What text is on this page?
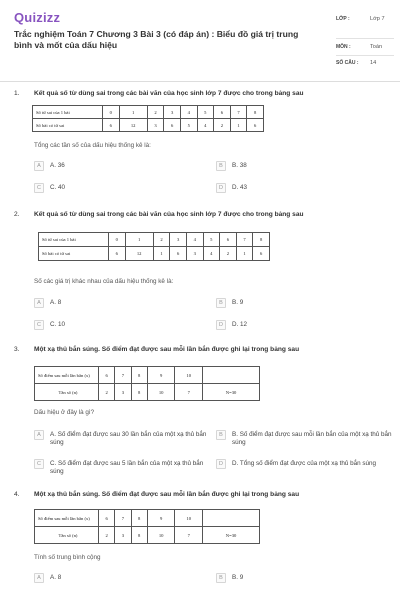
Quizizz
Trắc nghiệm Toán 7 Chương 3 Bài 3 (có đáp án) : Biểu đồ giá trị trung bình và mốt của dấu hiệu
LỚP :	Lớp 7
MÔN :	Toán
SỐ CÂU :	14
1.	Kết quả số từ dùng sai trong các bài văn của học sinh lớp 7 được cho trong bảng sau
Số từ sai của 1 bài	0	1	2	3	4	5	6	7	8
Số bài có từ sai	6	12	3	6	5	4	2	1	6
Tổng các tần số của dấu hiệu thống kê là:
A	A. 36	B	B. 38
C	C. 40	D	D. 43
2.	Kết quả số từ dùng sai trong các bài văn của học sinh lớp 7 được cho trong bảng sau
Số từ sai của 1 bài	0	1	2	3	4	5	6	7	8
Số bài có từ sai	6	12	1	6	3	4	2	1	6
Số các giá trị khác nhau của dấu hiệu thống kê là:
A	A. 8	B	B. 9
C	C. 10	D	D. 12
3.	Một xạ thủ bắn súng. Số điểm đạt được sau mỗi lần bắn được ghi lại trong bảng sau
Số điểm sau mỗi lần bắn (x)	6	7	8	9	10	
Tần số (n)	2	3	8	10	7	N=30
Dấu hiệu ở đây là gì?
A	A. Số điểm đạt được sau 30 lần bắn của một xạ thủ bắn súng
B	B. Số điểm đạt được sau mỗi lần bắn của một xạ thủ bắn súng
C	C. Số điểm đạt được sau 5 lần bắn của một xạ thủ bắn súng
D	D. Tổng số điểm đạt được của một xạ thủ bắn súng
4.	Một xạ thủ bắn súng. Số điểm đạt được sau mỗi lần bắn được ghi lại trong bảng sau
Số điểm sau mỗi lần bắn (x)	6	7	8	9	10	
Tần số (n)	2	3	8	10	7	N=30
Tính số trung bình cộng
A	A. 8	B	B. 9
